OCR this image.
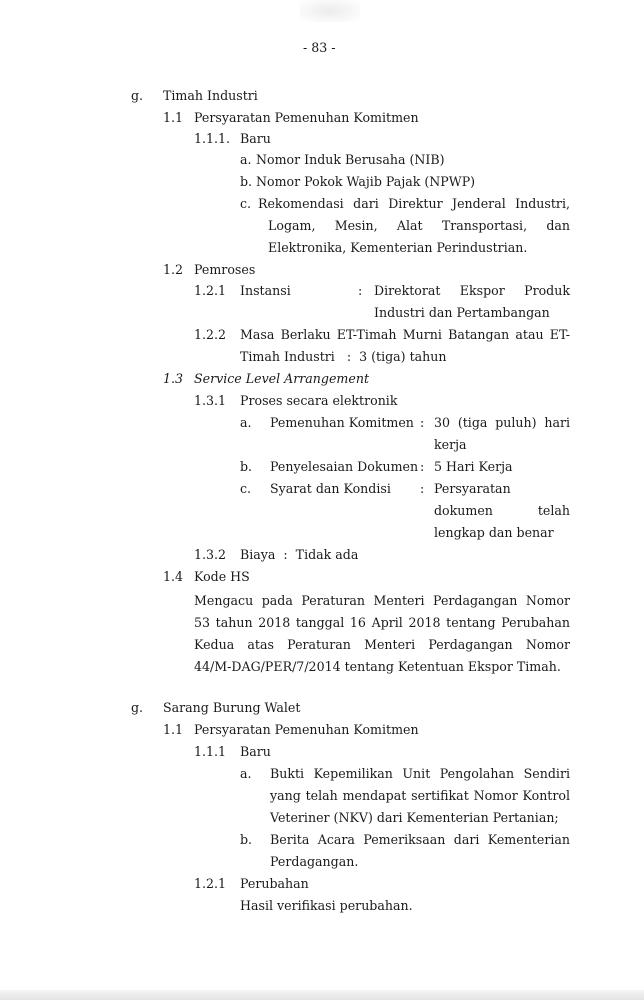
- 83 -
g. Timah Industri
1.1 Persyaratan Pemenuhan Komitmen
1.1.1. Baru
a. Nomor Induk Berusaha (NIB)
b. Nomor Pokok Wajib Pajak (NPWP)
c. Rekomendasi dari Direktur Jenderal Industri,
Logam, Mesin, Alat Transportasi, dan
Elektronika, Kementerian Perindustrian.
1.2 Pemroses
1.2.1 Instansi	: Direktorat Ekspor Produk
Industri dan Pertambangan
1.2.2 Masa Berlaku ET-Timah Murni Batangan atau ET-
Timah Industri   :  3 (tiga) tahun
1.3 Service Level Arrangement
1.3.1 Proses secara elektronik
a. Pemenuhan Komitmen : 30 (tiga puluh) hari
kerja
b. Penyelesaian Dokumen : 5 Hari Kerja
c. Syarat dan Kondisi : Persyaratan
dokumen telah
lengkap dan benar
1.3.2 Biaya  :  Tidak ada
1.4 Kode HS
Mengacu pada Peraturan Menteri Perdagangan Nomor
53 tahun 2018 tanggal 16 April 2018 tentang Perubahan
Kedua atas Peraturan Menteri Perdagangan Nomor
44/M-DAG/PER/7/2014 tentang Ketentuan Ekspor Timah.
g. Sarang Burung Walet
1.1 Persyaratan Pemenuhan Komitmen
1.1.1 Baru
a. Bukti Kepemilikan Unit Pengolahan Sendiri
yang telah mendapat sertifikat Nomor Kontrol
Veteriner (NKV) dari Kementerian Pertanian;
b. Berita Acara Pemeriksaan dari Kementerian
Perdagangan.
1.2.1 Perubahan
Hasil verifikasi perubahan.
